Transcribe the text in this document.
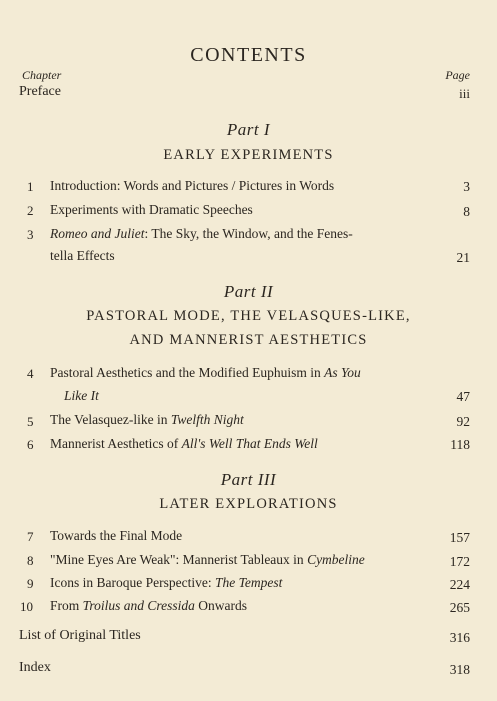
CONTENTS
Chapter	Page
Preface	iii
Part I
EARLY EXPERIMENTS
1 Introduction: Words and Pictures / Pictures in Words	3
2 Experiments with Dramatic Speeches	8
3 Romeo and Juliet: The Sky, the Window, and the Fenes-
tella Effects	21
Part II
PASTORAL MODE, THE VELASQUES-LIKE,
AND MANNERIST AESTHETICS
4 Pastoral Aesthetics and the Modified Euphuism in As You
Like It	47
5 The Velasquez-like in Twelfth Night	92
6 Mannerist Aesthetics of All's Well That Ends Well	118
Part III
LATER EXPLORATIONS
7 Towards the Final Mode	157
8 "Mine Eyes Are Weak": Mannerist Tableaux in Cymbeline	172
9 Icons in Baroque Perspective: The Tempest	224
10 From Troilus and Cressida Onwards	265
List of Original Titles	316
Index	318
